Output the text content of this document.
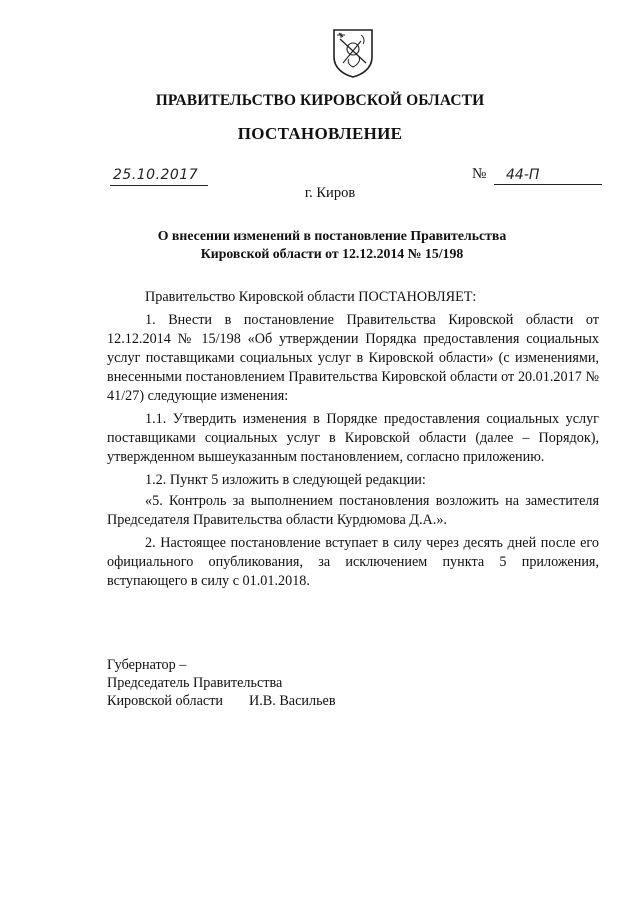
ПРАВИТЕЛЬСТВО КИРОВСКОЙ ОБЛАСТИ
ПОСТАНОВЛЕНИЕ
25.10.2017	№ 44-П
г. Киров
О внесении изменений в постановление Правительства
Кировской области от 12.12.2014 № 15/198

Правительство Кировской области ПОСТАНОВЛЯЕТ:

1. Внести в постановление Правительства Кировской области от 12.12.2014 № 15/198 «Об утверждении Порядка предоставления социальных услуг поставщиками социальных услуг в Кировской области» (с изменениями, внесенными постановлением Правительства Кировской области от 20.01.2017 № 41/27) следующие изменения:

1.1. Утвердить изменения в Порядке предоставления социальных услуг поставщиками социальных услуг в Кировской области (далее – Порядок), утвержденном вышеуказанным постановлением, согласно приложению.

1.2. Пункт 5 изложить в следующей редакции:

«5. Контроль за выполнением постановления возложить на заместителя Председателя Правительства области Курдюмова Д.А.».

2. Настоящее постановление вступает в силу через десять дней после его официального опубликования, за исключением пункта 5 приложения, вступающего в силу с 01.01.2018.

Губернатор –
Председатель Правительства
Кировской области И.В. Васильев
